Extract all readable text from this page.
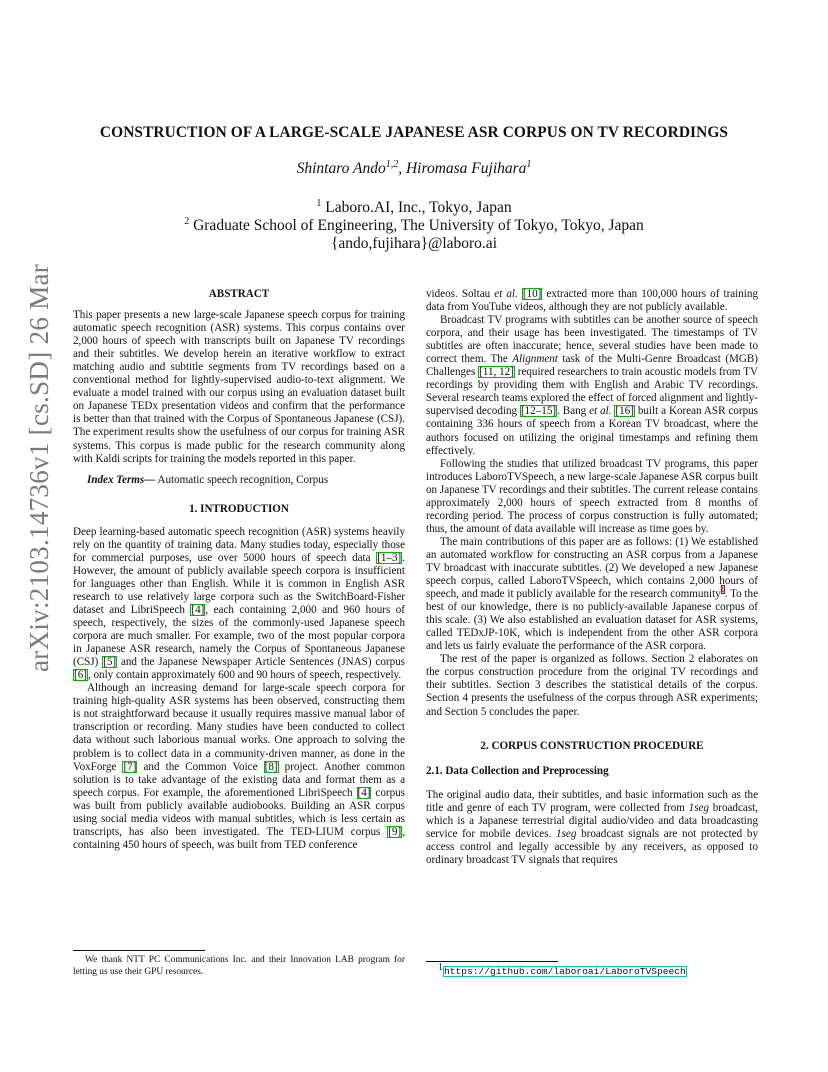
arXiv:2103.14736v1 [cs.SD] 26 Mar 2021
CONSTRUCTION OF A LARGE-SCALE JAPANESE ASR CORPUS ON TV RECORDINGS
Shintaro Ando$^{1,2}$, Hiromasa Fujihara$^1$
$^1$ Laboro.AI, Inc., Tokyo, Japan
$^2$ Graduate School of Engineering, The University of Tokyo, Tokyo, Japan
{ando,fujihara}@laboro.ai

ABSTRACT

This paper presents a new large-scale Japanese speech corpus for training automatic speech recognition (ASR) systems. This corpus contains over 2,000 hours of speech with transcripts built on Japanese TV recordings and their subtitles. We develop herein an iterative workflow to extract matching audio and subtitle segments from TV recordings based on a conventional method for lightly-supervised audio-to-text alignment. We evaluate a model trained with our corpus using an evaluation dataset built on Japanese TEDx presentation videos and confirm that the performance is better than that trained with the Corpus of Spontaneous Japanese (CSJ). The experiment results show the usefulness of our corpus for training ASR systems. This corpus is made public for the research community along with Kaldi scripts for training the models reported in this paper.

Index Terms— Automatic speech recognition, Corpus

1. INTRODUCTION

Deep learning-based automatic speech recognition (ASR) systems heavily rely on the quantity of training data. Many studies today, especially those for commercial purposes, use over 5000 hours of speech data [1–3]. However, the amount of publicly available speech corpora is insufficient for languages other than English. While it is common in English ASR research to use relatively large corpora such as the SwitchBoard-Fisher dataset and LibriSpeech [4], each containing 2,000 and 960 hours of speech, respectively, the sizes of the commonly-used Japanese speech corpora are much smaller. For example, two of the most popular corpora in Japanese ASR research, namely the Corpus of Spontaneous Japanese (CSJ) [5] and the Japanese Newspaper Article Sentences (JNAS) corpus [6], only contain approximately 600 and 90 hours of speech, respectively.

Although an increasing demand for large-scale speech corpora for training high-quality ASR systems has been observed, constructing them is not straightforward because it usually requires massive manual labor of transcription or recording. Many studies have been conducted to collect data without such laborious manual works. One approach to solving the problem is to collect data in a community-driven manner, as done in the VoxForge [7] and the Common Voice [8] project. Another common solution is to take advantage of the existing data and format them as a speech corpus. For example, the aforementioned LibriSpeech [4] corpus was built from publicly available audiobooks. Building an ASR corpus using social media videos with manual subtitles, which is less certain as transcripts, has also been investigated. The TED-LIUM corpus [9], containing 450 hours of speech, was built from TED conference

We thank NTT PC Communications Inc. and their Innovation LAB program for letting us use their GPU resources.

videos. Soltau et al. [10] extracted more than 100,000 hours of training data from YouTube videos, although they are not publicly available.

Broadcast TV programs with subtitles can be another source of speech corpora, and their usage has been investigated. The timestamps of TV subtitles are often inaccurate; hence, several studies have been made to correct them. The Alignment task of the Multi-Genre Broadcast (MGB) Challenges [11, 12] required researchers to train acoustic models from TV recordings by providing them with English and Arabic TV recordings. Several research teams explored the effect of forced alignment and lightly-supervised decoding [12–15]. Bang et al. [16] built a Korean ASR corpus containing 336 hours of speech from a Korean TV broadcast, where the authors focused on utilizing the original timestamps and refining them effectively.

Following the studies that utilized broadcast TV programs, this paper introduces LaboroTVSpeech, a new large-scale Japanese ASR corpus built on Japanese TV recordings and their subtitles. The current release contains approximately 2,000 hours of speech extracted from 8 months of recording period. The process of corpus construction is fully automated; thus, the amount of data available will increase as time goes by.

The main contributions of this paper are as follows: (1) We established an automated workflow for constructing an ASR corpus from a Japanese TV broadcast with inaccurate subtitles. (2) We developed a new Japanese speech corpus, called LaboroTVSpeech, which contains 2,000 hours of speech, and made it publicly available for the research community$^1$. To the best of our knowledge, there is no publicly-available Japanese corpus of this scale. (3) We also established an evaluation dataset for ASR systems, called TEDxJP-10K, which is independent from the other ASR corpora and lets us fairly evaluate the performance of the ASR corpora.

The rest of the paper is organized as follows. Section 2 elaborates on the corpus construction procedure from the original TV recordings and their subtitles. Section 3 describes the statistical details of the corpus. Section 4 presents the usefulness of the corpus through ASR experiments; and Section 5 concludes the paper.

2. CORPUS CONSTRUCTION PROCEDURE

2.1. Data Collection and Preprocessing

The original audio data, their subtitles, and basic information such as the title and genre of each TV program, were collected from 1seg broadcast, which is a Japanese terrestrial digital audio/video and data broadcasting service for mobile devices. 1seg broadcast signals are not protected by access control and legally accessible by any receivers, as opposed to ordinary broadcast TV signals that requires

$^1$https://github.com/laboroai/LaboroTVSpeech
